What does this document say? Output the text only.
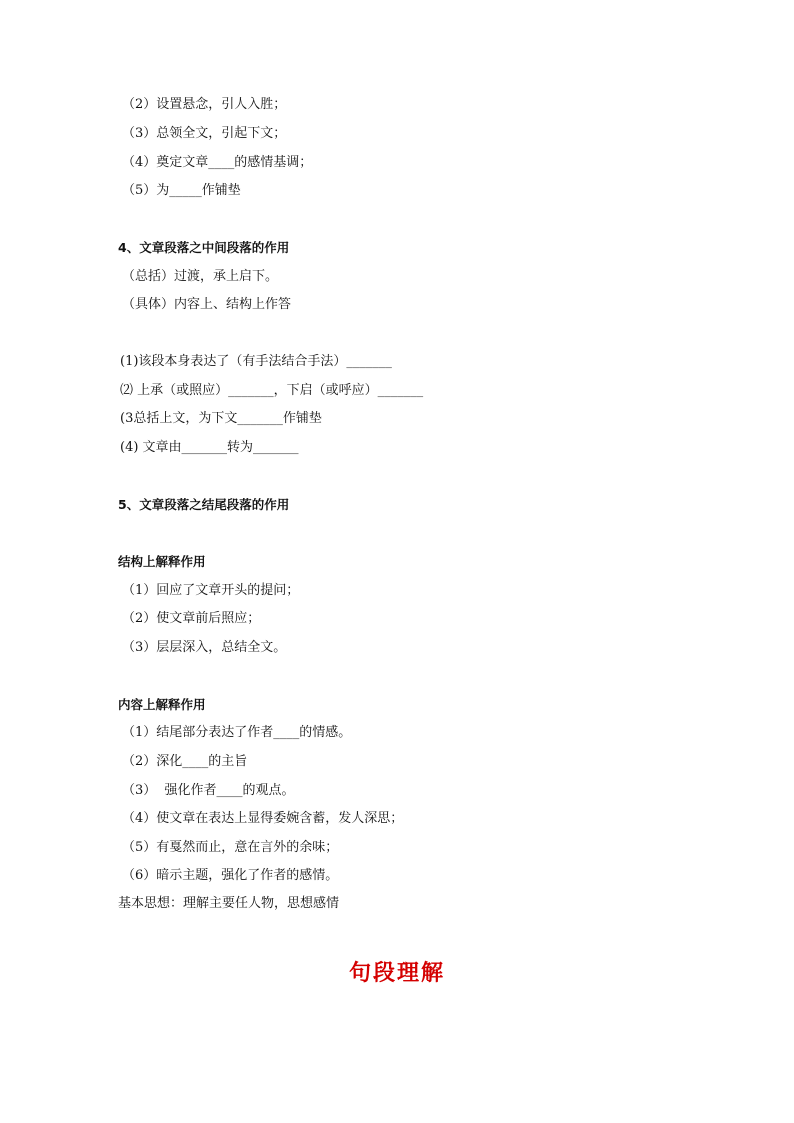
（2）设置悬念，引人入胜；
（3）总领全文，引起下文；
（4）奠定文章____的感情基调；
（5）为_____作铺垫
4、文章段落之中间段落的作用
（总括）过渡，承上启下。
（具体）内容上、结构上作答
(1)该段本身表达了（有手法结合手法）_______
⑵ 上承（或照应）_______，下启（或呼应）_______
(3总括上文，为下文_______作铺垫
(4) 文章由_______转为_______
5、文章段落之结尾段落的作用
结构上解释作用
（1）回应了文章开头的提问；
（2）使文章前后照应；
（3）层层深入，总结全文。
内容上解释作用
（1）结尾部分表达了作者____的情感。
（2）深化____的主旨
（3）  强化作者____的观点。
（4）使文章在表达上显得委婉含蓄，发人深思；
（5）有戛然而止，意在言外的余味；
（6）暗示主题，强化了作者的感情。
基本思想：理解主要任人物，思想感情
句段理解
